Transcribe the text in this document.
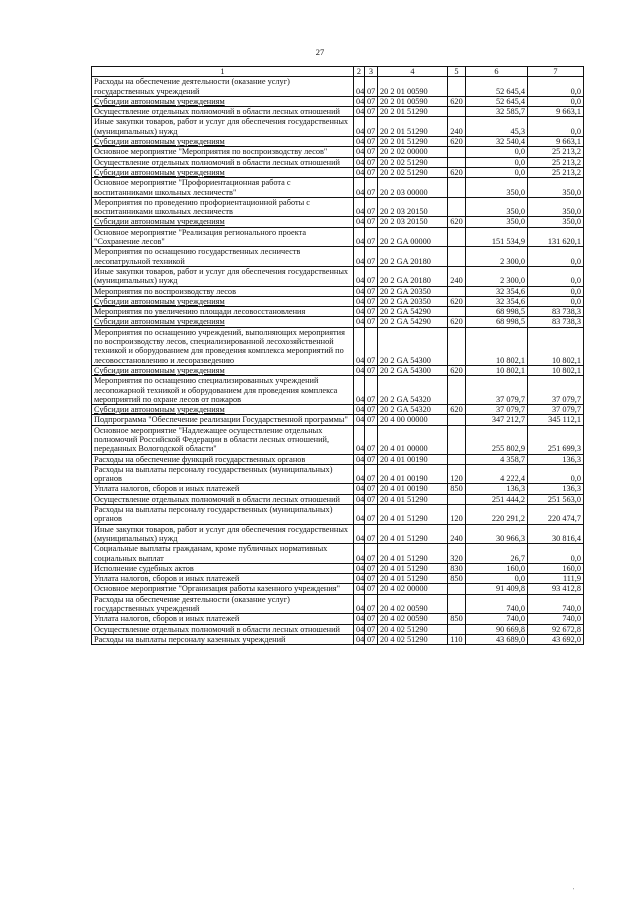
27
1	2	3	4	5	6	7
Расходы на обеспечение деятельности (оказание услуг) государственных учреждений	04	07	20 2 01 00590		52 645,4	0,0
Субсидии автономным учреждениям	04	07	20 2 01 00590	620	52 645,4	0,0
Осуществление отдельных полномочий в области лесных отношений	04	07	20 2 01 51290		32 585,7	9 663,1
Иные закупки товаров, работ и услуг для обеспечения государственных (муниципальных) нужд	04	07	20 2 01 51290	240	45,3	0,0
Субсидии автономным учреждениям	04	07	20 2 01 51290	620	32 540,4	9 663,1
Основное мероприятие "Мероприятия по воспроизводству лесов"	04	07	20 2 02 00000		0,0	25 213,2
Осуществление отдельных полномочий в области лесных отношений	04	07	20 2 02 51290		0,0	25 213,2
Субсидии автономным учреждениям	04	07	20 2 02 51290	620	0,0	25 213,2
Основное мероприятие "Профориентационная работа с воспитанниками школьных лесничеств"	04	07	20 2 03 00000		350,0	350,0
Мероприятия по проведению профориентационной работы с воспитанниками школьных лесничеств	04	07	20 2 03 20150		350,0	350,0
Субсидии автономным учреждениям	04	07	20 2 03 20150	620	350,0	350,0
Основное мероприятие "Реализация регионального проекта "Сохранение лесов"	04	07	20 2 GA 00000		151 534,9	131 620,1
Мероприятия по оснащению государственных лесничеств лесопатрульной техникой	04	07	20 2 GA 20180		2 300,0	0,0
Иные закупки товаров, работ и услуг для обеспечения государственных (муниципальных) нужд	04	07	20 2 GA 20180	240	2 300,0	0,0
Мероприятия по воспроизводству лесов	04	07	20 2 GA 20350		32 354,6	0,0
Субсидии автономным учреждениям	04	07	20 2 GA 20350	620	32 354,6	0,0
Мероприятия по увеличению площади лесовосстановления	04	07	20 2 GA 54290		68 998,5	83 738,3
Субсидии автономным учреждениям	04	07	20 2 GA 54290	620	68 998,5	83 738,3
Мероприятия по оснащению учреждений, выполняющих мероприятия по воспроизводству лесов, специализированной лесохозяйственной техникой и оборудованием для проведения комплекса мероприятий по лесовосстановлению и лесоразведению	04	07	20 2 GA 54300		10 802,1	10 802,1
Субсидии автономным учреждениям	04	07	20 2 GA 54300	620	10 802,1	10 802,1
Мероприятия по оснащению специализированных учреждений лесопожарной техникой и оборудованием для проведения комплекса мероприятий по охране лесов от пожаров	04	07	20 2 GA 54320		37 079,7	37 079,7
Субсидии автономным учреждениям	04	07	20 2 GA 54320	620	37 079,7	37 079,7
Подпрограмма "Обеспечение реализации Государственной программы"	04	07	20 4 00 00000		347 212,7	345 112,1
Основное мероприятие "Надлежащее осуществление отдельных полномочий Российской Федерации в области лесных отношений, переданных Вологодской области"	04	07	20 4 01 00000		255 802,9	251 699,3
Расходы на обеспечение функций государственных органов	04	07	20 4 01 00190		4 358,7	136,3
Расходы на выплаты персоналу государственных (муниципальных) органов	04	07	20 4 01 00190	120	4 222,4	0,0
Уплата налогов, сборов и иных платежей	04	07	20 4 01 00190	850	136,3	136,3
Осуществление отдельных полномочий в области лесных отношений	04	07	20 4 01 51290		251 444,2	251 563,0
Расходы на выплаты персоналу государственных (муниципальных) органов	04	07	20 4 01 51290	120	220 291,2	220 474,7
Иные закупки товаров, работ и услуг для обеспечения государственных (муниципальных) нужд	04	07	20 4 01 51290	240	30 966,3	30 816,4
Социальные выплаты гражданам, кроме публичных нормативных социальных выплат	04	07	20 4 01 51290	320	26,7	0,0
Исполнение судебных актов	04	07	20 4 01 51290	830	160,0	160,0
Уплата налогов, сборов и иных платежей	04	07	20 4 01 51290	850	0,0	111,9
Основное мероприятие "Организация работы казенного учреждения"	04	07	20 4 02 00000		91 409,8	93 412,8
Расходы на обеспечение деятельности (оказание услуг) государственных учреждений	04	07	20 4 02 00590		740,0	740,0
Уплата налогов, сборов и иных платежей	04	07	20 4 02 00590	850	740,0	740,0
Осуществление отдельных полномочий в области лесных отношений	04	07	20 4 02 51290		90 669,8	92 672,8
Расходы на выплаты персоналу казенных учреждений	04	07	20 4 02 51290	110	43 689,0	43 692,0
'
